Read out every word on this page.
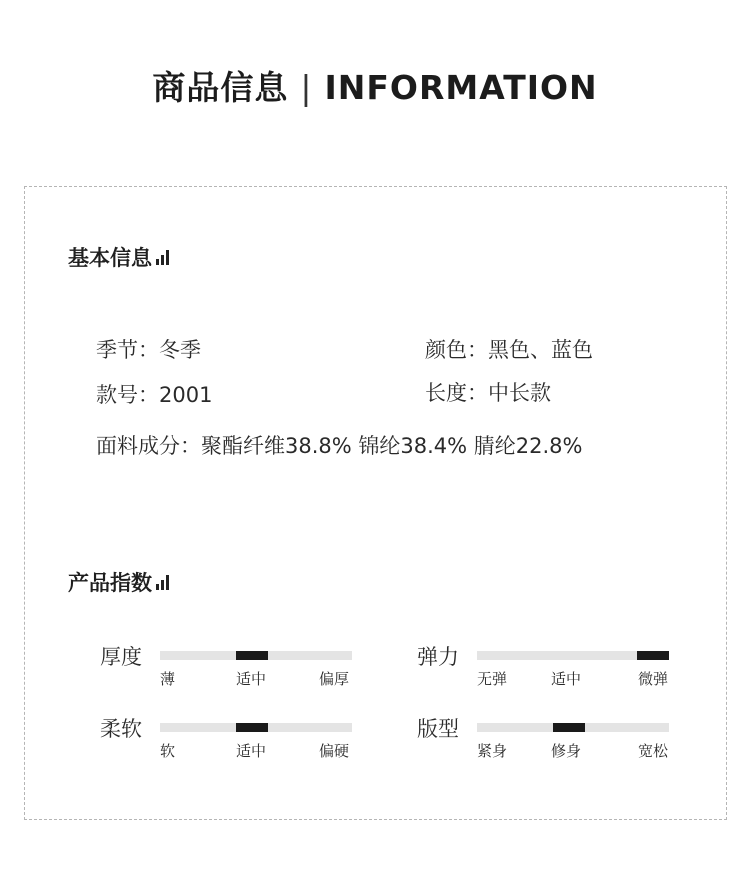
商品信息 | INFORMATION
基本信息
季节：冬季	颜色：黑色、蓝色
款号：2001	长度：中长款
面料成分：聚酯纤维38.8% 锦纶38.4% 腈纶22.8%
产品指数
厚度
薄	适中	偏厚
弹力
无弹	适中	微弹
柔软
软	适中	偏硬
版型
紧身	修身	宽松
